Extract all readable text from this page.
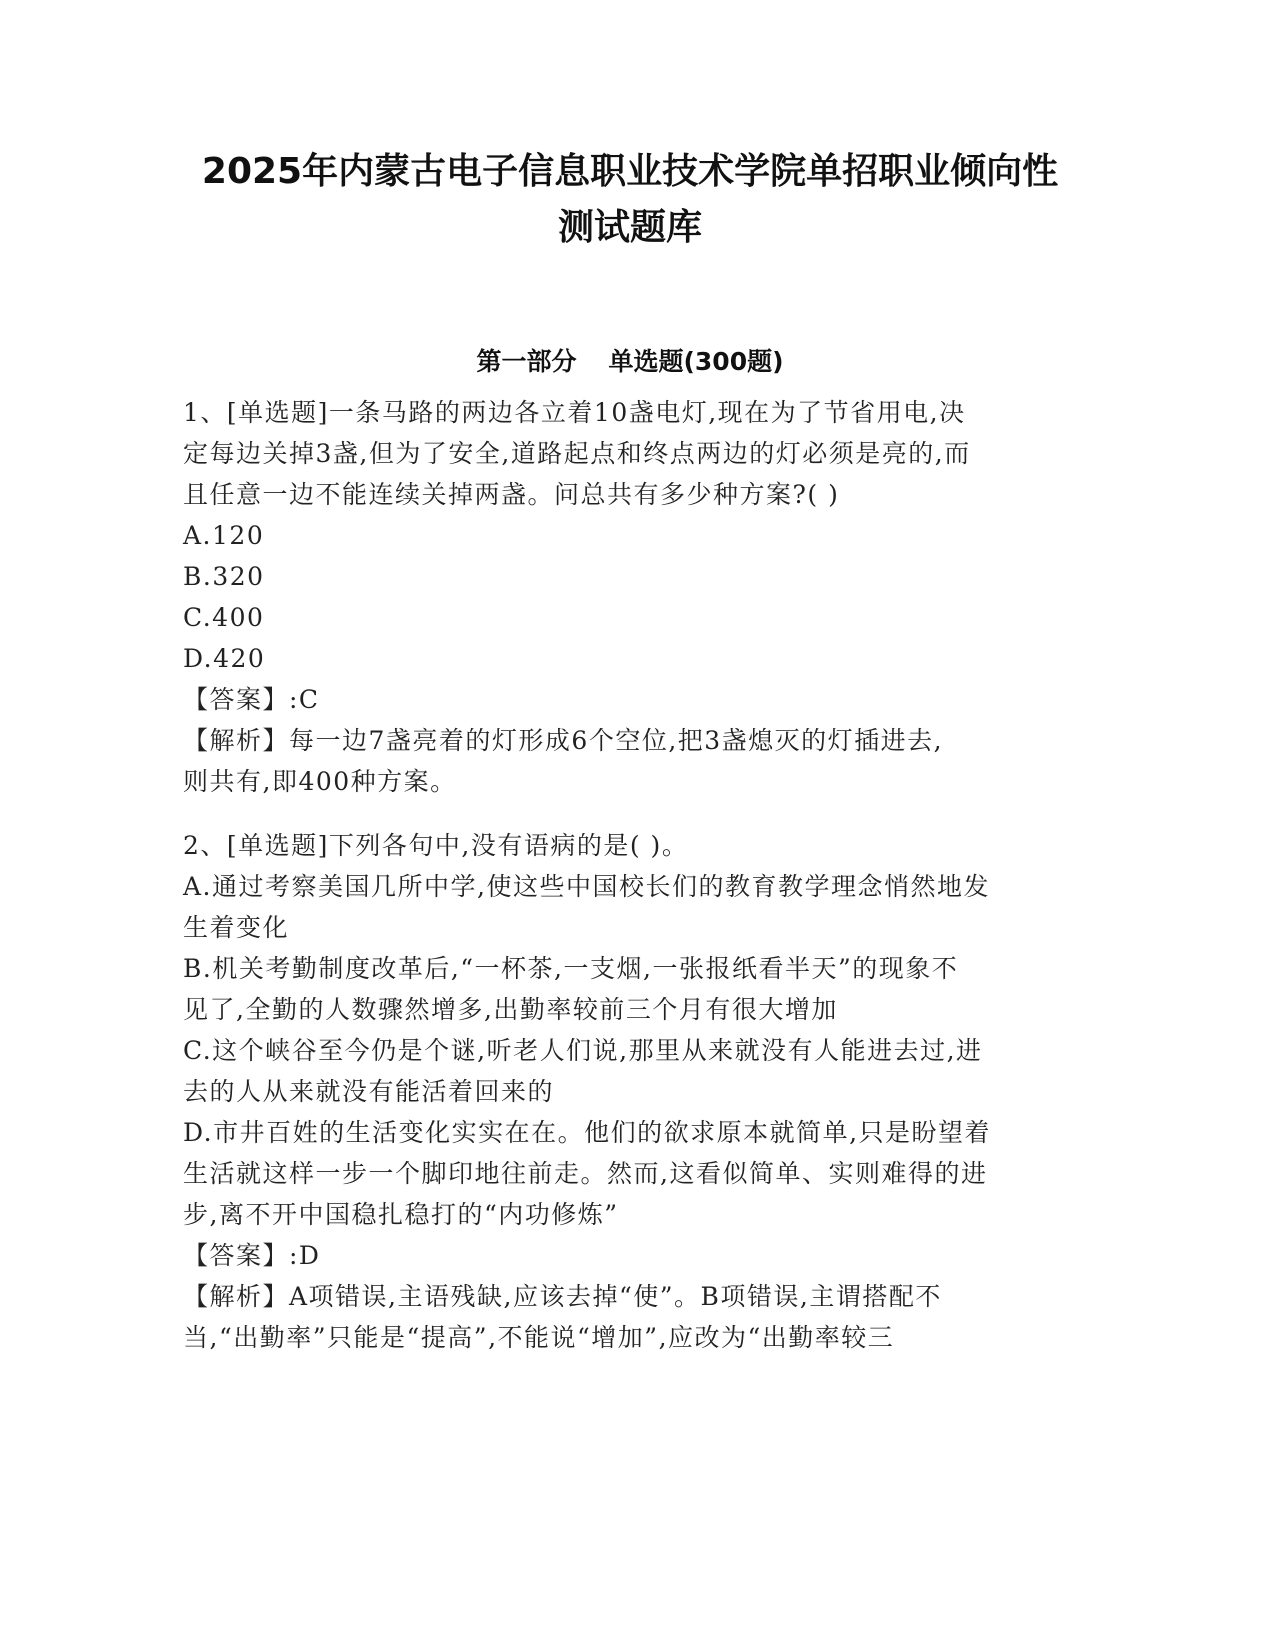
2025年内蒙古电子信息职业技术学院单招职业倾向性
测试题库
第一部分 单选题(300题)
1、[单选题]一条马路的两边各立着10盏电灯,现在为了节省用电,决
定每边关掉3盏,但为了安全,道路起点和终点两边的灯必须是亮的,而
且任意一边不能连续关掉两盏。问总共有多少种方案?( )
A.120
B.320
C.400
D.420
【答案】:C
【解析】每一边7盏亮着的灯形成6个空位,把3盏熄灭的灯插进去,
则共有,即400种方案。
2、[单选题]下列各句中,没有语病的是( )。
A.通过考察美国几所中学,使这些中国校长们的教育教学理念悄然地发
生着变化
B.机关考勤制度改革后,“一杯茶,一支烟,一张报纸看半天”的现象不
见了,全勤的人数骤然增多,出勤率较前三个月有很大增加
C.这个峡谷至今仍是个谜,听老人们说,那里从来就没有人能进去过,进
去的人从来就没有能活着回来的
D.市井百姓的生活变化实实在在。他们的欲求原本就简单,只是盼望着
生活就这样一步一个脚印地往前走。然而,这看似简单、实则难得的进
步,离不开中国稳扎稳打的“内功修炼”
【答案】:D
【解析】A项错误,主语残缺,应该去掉“使”。B项错误,主谓搭配不
当,“出勤率”只能是“提高”,不能说“增加”,应改为“出勤率较三
